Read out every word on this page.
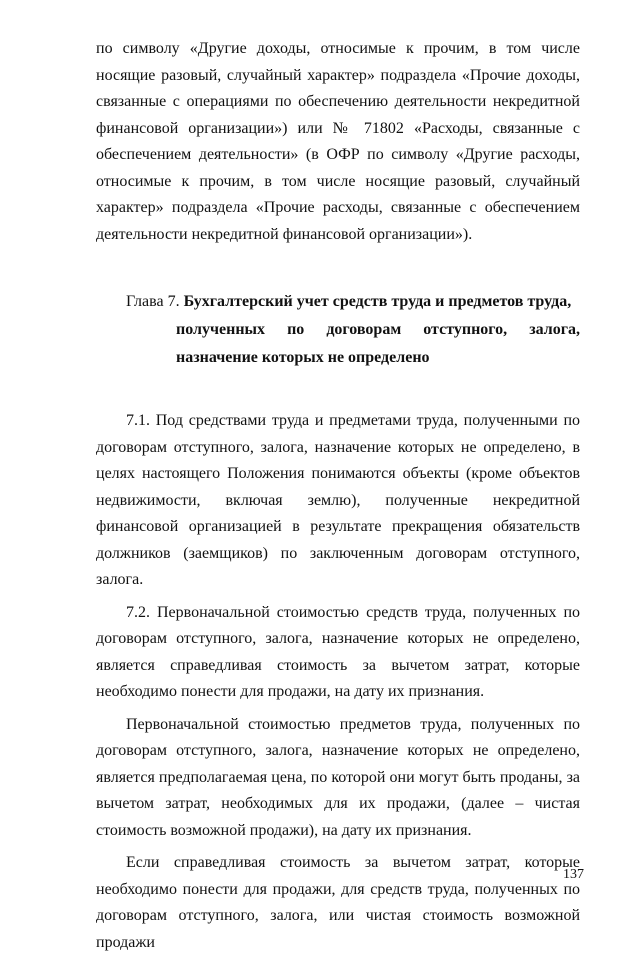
по символу «Другие доходы, относимые к прочим, в том числе носящие разовый, случайный характер» подраздела «Прочие доходы, связанные с операциями по обеспечению деятельности некредитной финансовой организации») или № 71802 «Расходы, связанные с обеспечением деятельности» (в ОФР по символу «Другие расходы, относимые к прочим, в том числе носящие разовый, случайный характер» подраздела «Прочие расходы, связанные с обеспечением деятельности некредитной финансовой организации»).

Глава 7. Бухгалтерский учет средств труда и предметов труда,
полученных по договорам отступного, залога, назначение которых не определено

7.1. Под средствами труда и предметами труда, полученными по договорам отступного, залога, назначение которых не определено, в целях настоящего Положения понимаются объекты (кроме объектов недвижимости, включая землю), полученные некредитной финансовой организацией в результате прекращения обязательств должников (заемщиков) по заключенным договорам отступного, залога.

7.2. Первоначальной стоимостью средств труда, полученных по договорам отступного, залога, назначение которых не определено, является справедливая стоимость за вычетом затрат, которые необходимо понести для продажи, на дату их признания.

Первоначальной стоимостью предметов труда, полученных по договорам отступного, залога, назначение которых не определено, является предполагаемая цена, по которой они могут быть проданы, за вычетом затрат, необходимых для их продажи, (далее – чистая стоимость возможной продажи), на дату их признания.

Если справедливая стоимость за вычетом затрат, которые необходимо понести для продажи, для средств труда, полученных по договорам отступного, залога, или чистая стоимость возможной продажи

137
